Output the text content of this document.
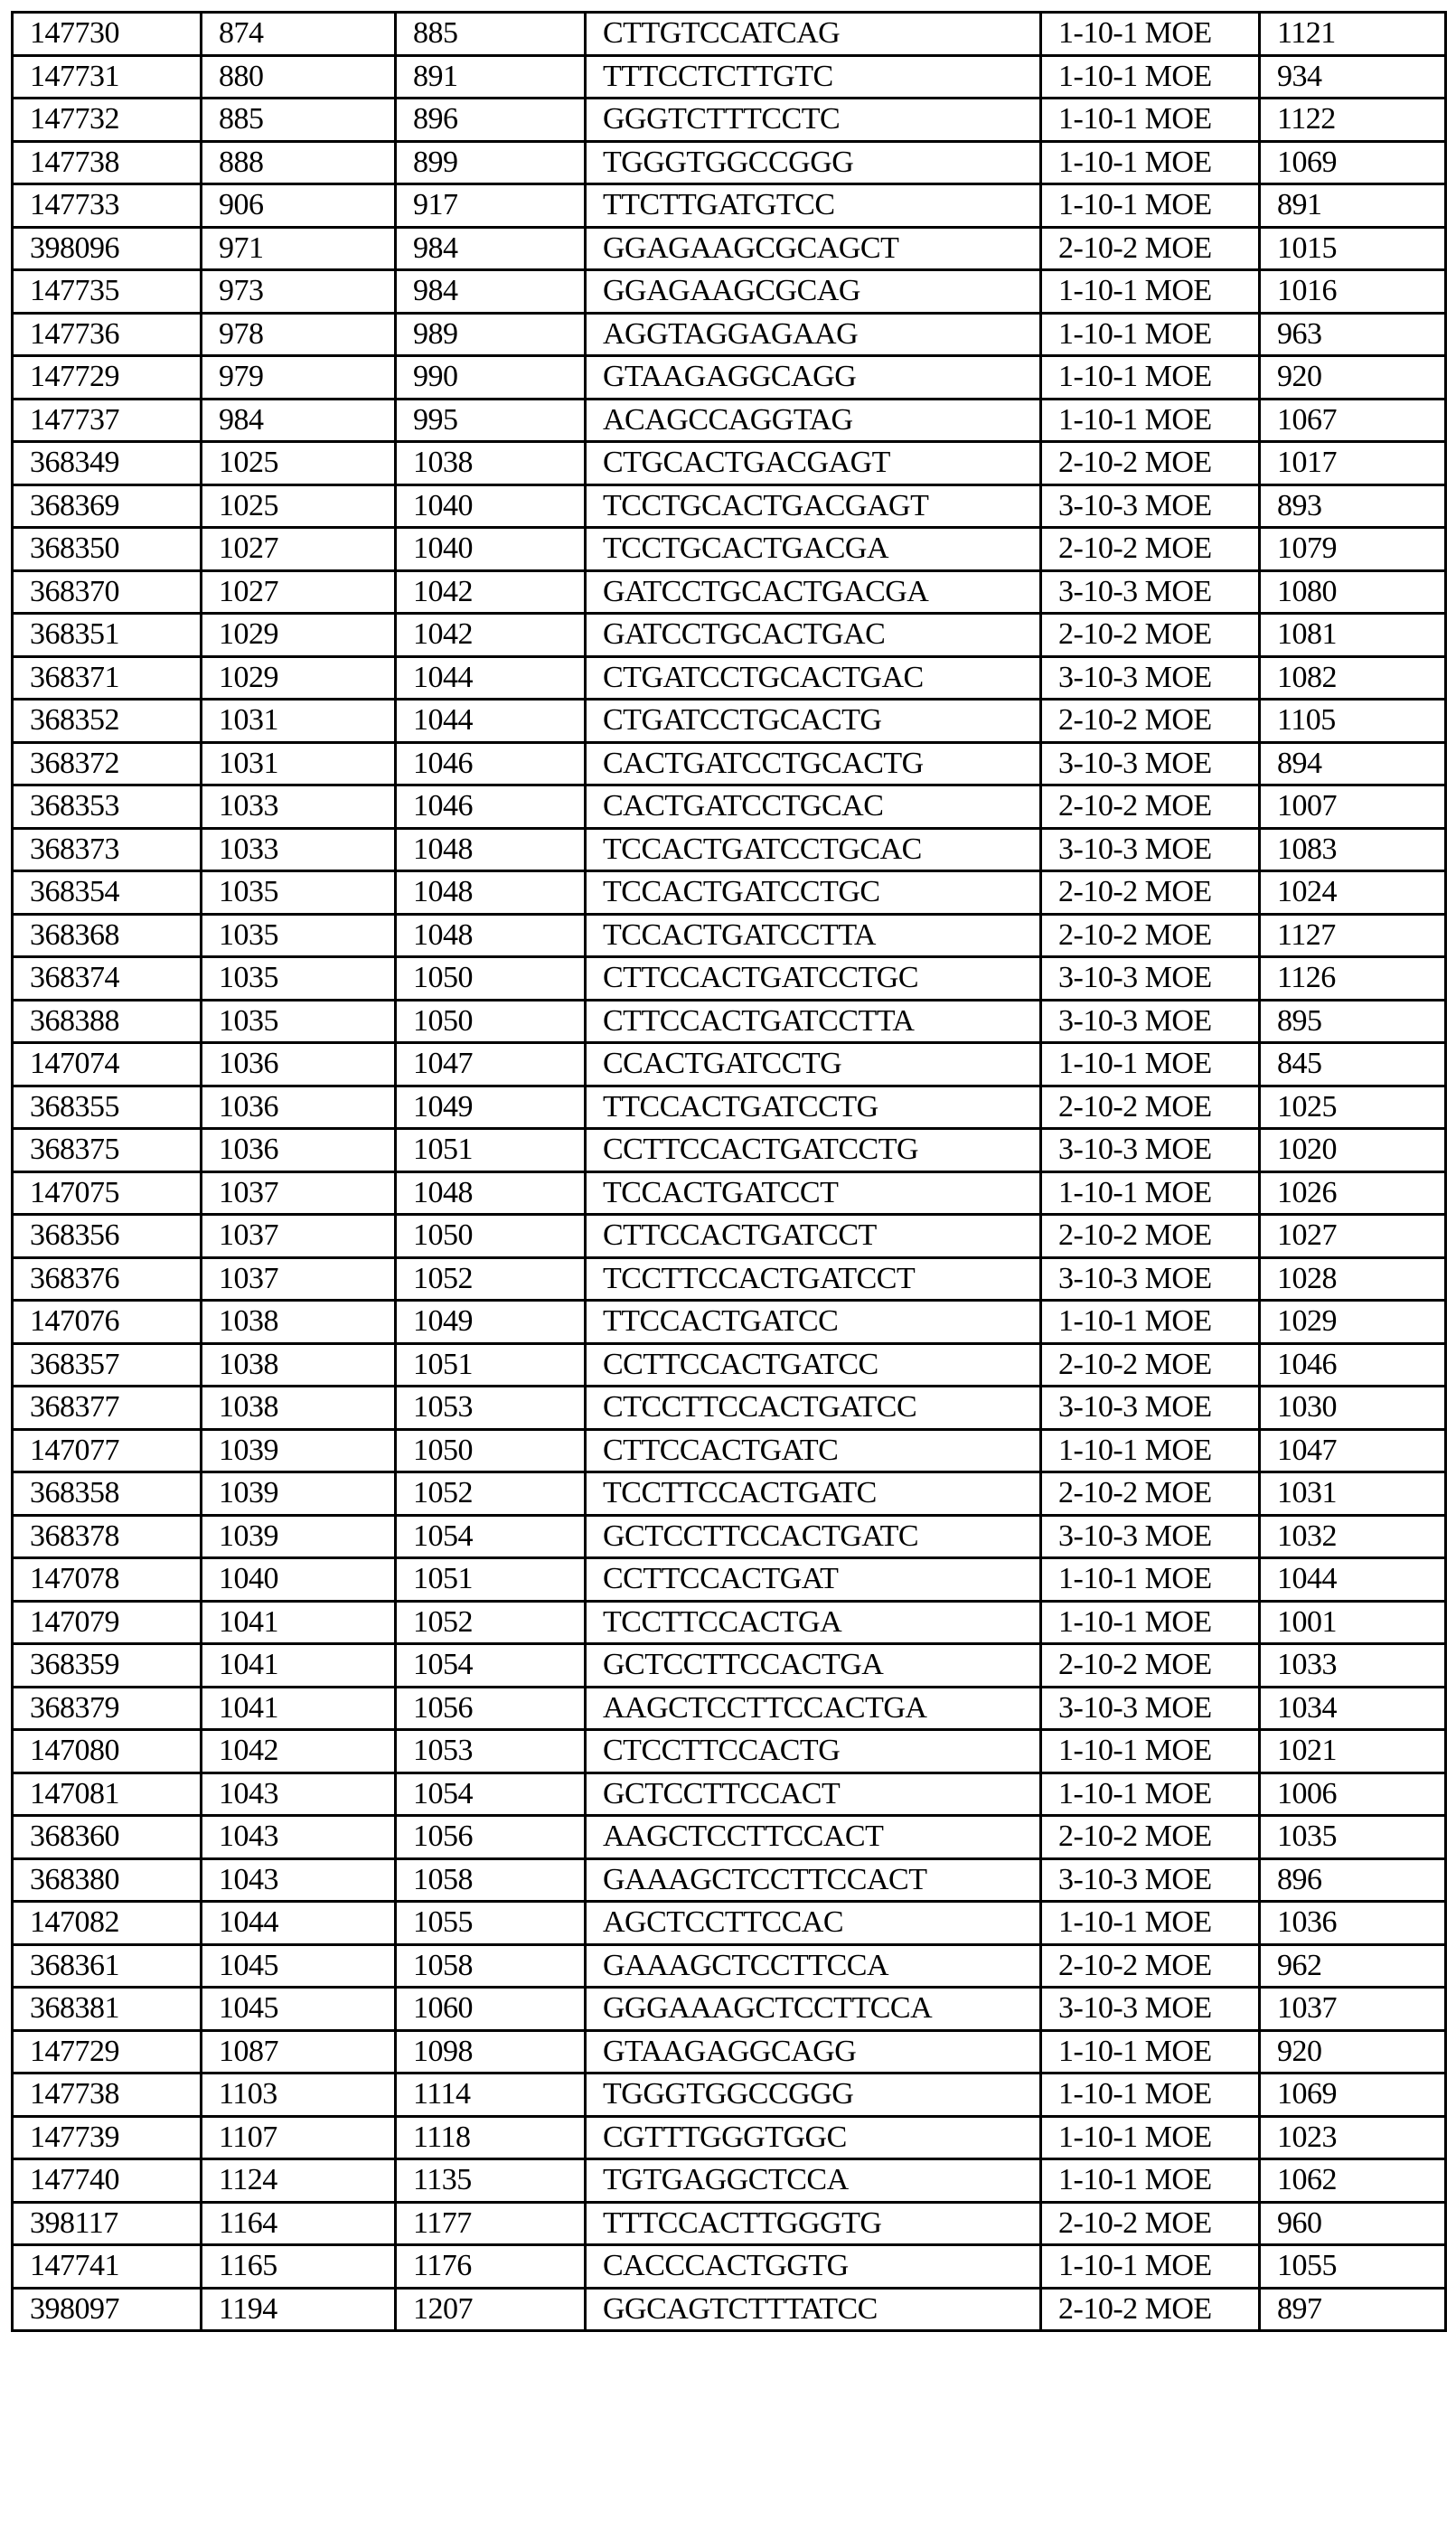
147730	874	885	CTTGTCCATCAG	1-10-1 MOE	1121
147731	880	891	TTTCCTCTTGTC	1-10-1 MOE	934
147732	885	896	GGGTCTTTCCTC	1-10-1 MOE	1122
147738	888	899	TGGGTGGCCGGG	1-10-1 MOE	1069
147733	906	917	TTCTTGATGTCC	1-10-1 MOE	891
398096	971	984	GGAGAAGCGCAGCT	2-10-2 MOE	1015
147735	973	984	GGAGAAGCGCAG	1-10-1 MOE	1016
147736	978	989	AGGTAGGAGAAG	1-10-1 MOE	963
147729	979	990	GTAAGAGGCAGG	1-10-1 MOE	920
147737	984	995	ACAGCCAGGTAG	1-10-1 MOE	1067
368349	1025	1038	CTGCACTGACGAGT	2-10-2 MOE	1017
368369	1025	1040	TCCTGCACTGACGAGT	3-10-3 MOE	893
368350	1027	1040	TCCTGCACTGACGA	2-10-2 MOE	1079
368370	1027	1042	GATCCTGCACTGACGA	3-10-3 MOE	1080
368351	1029	1042	GATCCTGCACTGAC	2-10-2 MOE	1081
368371	1029	1044	CTGATCCTGCACTGAC	3-10-3 MOE	1082
368352	1031	1044	CTGATCCTGCACTG	2-10-2 MOE	1105
368372	1031	1046	CACTGATCCTGCACTG	3-10-3 MOE	894
368353	1033	1046	CACTGATCCTGCAC	2-10-2 MOE	1007
368373	1033	1048	TCCACTGATCCTGCAC	3-10-3 MOE	1083
368354	1035	1048	TCCACTGATCCTGC	2-10-2 MOE	1024
368368	1035	1048	TCCACTGATCCTTA	2-10-2 MOE	1127
368374	1035	1050	CTTCCACTGATCCTGC	3-10-3 MOE	1126
368388	1035	1050	CTTCCACTGATCCTTA	3-10-3 MOE	895
147074	1036	1047	CCACTGATCCTG	1-10-1 MOE	845
368355	1036	1049	TTCCACTGATCCTG	2-10-2 MOE	1025
368375	1036	1051	CCTTCCACTGATCCTG	3-10-3 MOE	1020
147075	1037	1048	TCCACTGATCCT	1-10-1 MOE	1026
368356	1037	1050	CTTCCACTGATCCT	2-10-2 MOE	1027
368376	1037	1052	TCCTTCCACTGATCCT	3-10-3 MOE	1028
147076	1038	1049	TTCCACTGATCC	1-10-1 MOE	1029
368357	1038	1051	CCTTCCACTGATCC	2-10-2 MOE	1046
368377	1038	1053	CTCCTTCCACTGATCC	3-10-3 MOE	1030
147077	1039	1050	CTTCCACTGATC	1-10-1 MOE	1047
368358	1039	1052	TCCTTCCACTGATC	2-10-2 MOE	1031
368378	1039	1054	GCTCCTTCCACTGATC	3-10-3 MOE	1032
147078	1040	1051	CCTTCCACTGAT	1-10-1 MOE	1044
147079	1041	1052	TCCTTCCACTGA	1-10-1 MOE	1001
368359	1041	1054	GCTCCTTCCACTGA	2-10-2 MOE	1033
368379	1041	1056	AAGCTCCTTCCACTGA	3-10-3 MOE	1034
147080	1042	1053	CTCCTTCCACTG	1-10-1 MOE	1021
147081	1043	1054	GCTCCTTCCACT	1-10-1 MOE	1006
368360	1043	1056	AAGCTCCTTCCACT	2-10-2 MOE	1035
368380	1043	1058	GAAAGCTCCTTCCACT	3-10-3 MOE	896
147082	1044	1055	AGCTCCTTCCAC	1-10-1 MOE	1036
368361	1045	1058	GAAAGCTCCTTCCA	2-10-2 MOE	962
368381	1045	1060	GGGAAAGCTCCTTCCA	3-10-3 MOE	1037
147729	1087	1098	GTAAGAGGCAGG	1-10-1 MOE	920
147738	1103	1114	TGGGTGGCCGGG	1-10-1 MOE	1069
147739	1107	1118	CGTTTGGGTGGC	1-10-1 MOE	1023
147740	1124	1135	TGTGAGGCTCCA	1-10-1 MOE	1062
398117	1164	1177	TTTCCACTTGGGTG	2-10-2 MOE	960
147741	1165	1176	CACCCACTGGTG	1-10-1 MOE	1055
398097	1194	1207	GGCAGTCTTTATCC	2-10-2 MOE	897
